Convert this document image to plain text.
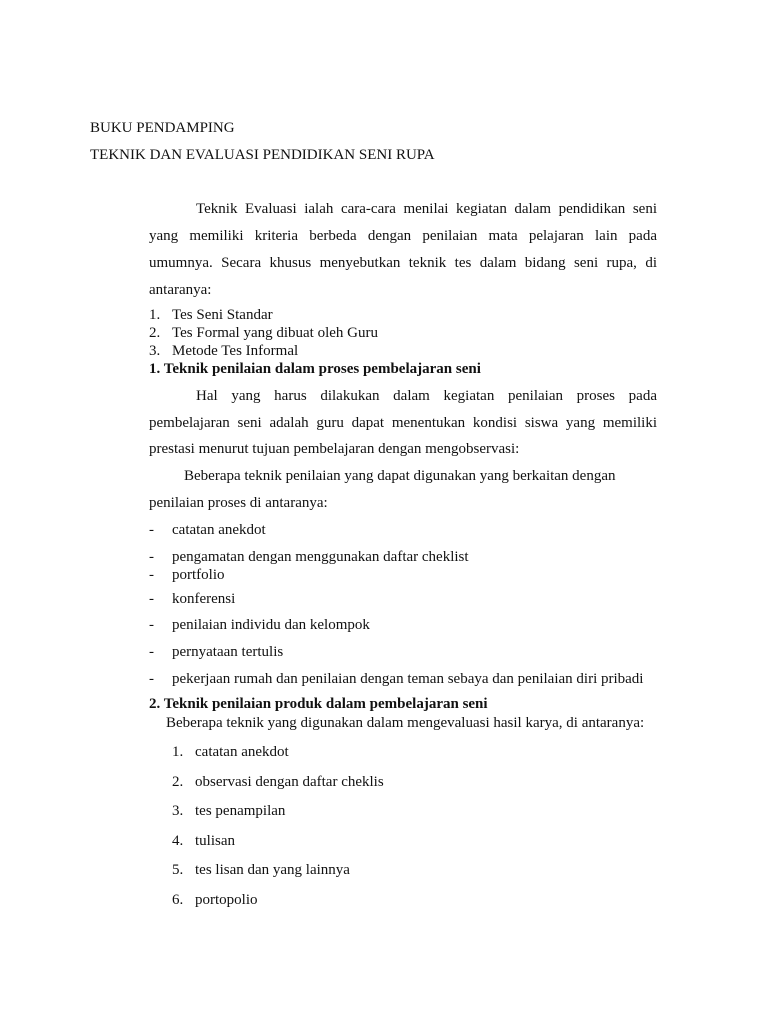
BUKU PENDAMPING
TEKNIK DAN EVALUASI PENDIDIKAN SENI RUPA
Teknik Evaluasi ialah cara-cara menilai kegiatan dalam pendidikan seni
yang memiliki kriteria berbeda dengan penilaian mata pelajaran lain pada
umumnya. Secara khusus menyebutkan teknik tes dalam bidang seni rupa, di
antaranya:
1. Tes Seni Standar
2. Tes Formal yang dibuat oleh Guru
3. Metode Tes Informal
1. Teknik penilaian dalam proses pembelajaran seni
Hal yang harus dilakukan dalam kegiatan penilaian proses pada
pembelajaran seni adalah guru dapat menentukan kondisi siswa yang memiliki
prestasi menurut tujuan pembelajaran dengan mengobservasi:
Beberapa teknik penilaian yang dapat digunakan yang berkaitan dengan
penilaian proses di antaranya:
- catatan anekdot
- pengamatan dengan menggunakan daftar cheklist
- portfolio
- konferensi
- penilaian individu dan kelompok
- pernyataan tertulis
- pekerjaan rumah dan penilaian dengan teman sebaya dan penilaian diri pribadi
2. Teknik penilaian produk dalam pembelajaran seni
Beberapa teknik yang digunakan dalam mengevaluasi hasil karya, di antaranya:
1. catatan anekdot
2. observasi dengan daftar cheklis
3. tes penampilan
4. tulisan
5. tes lisan dan yang lainnya
6. portopolio
